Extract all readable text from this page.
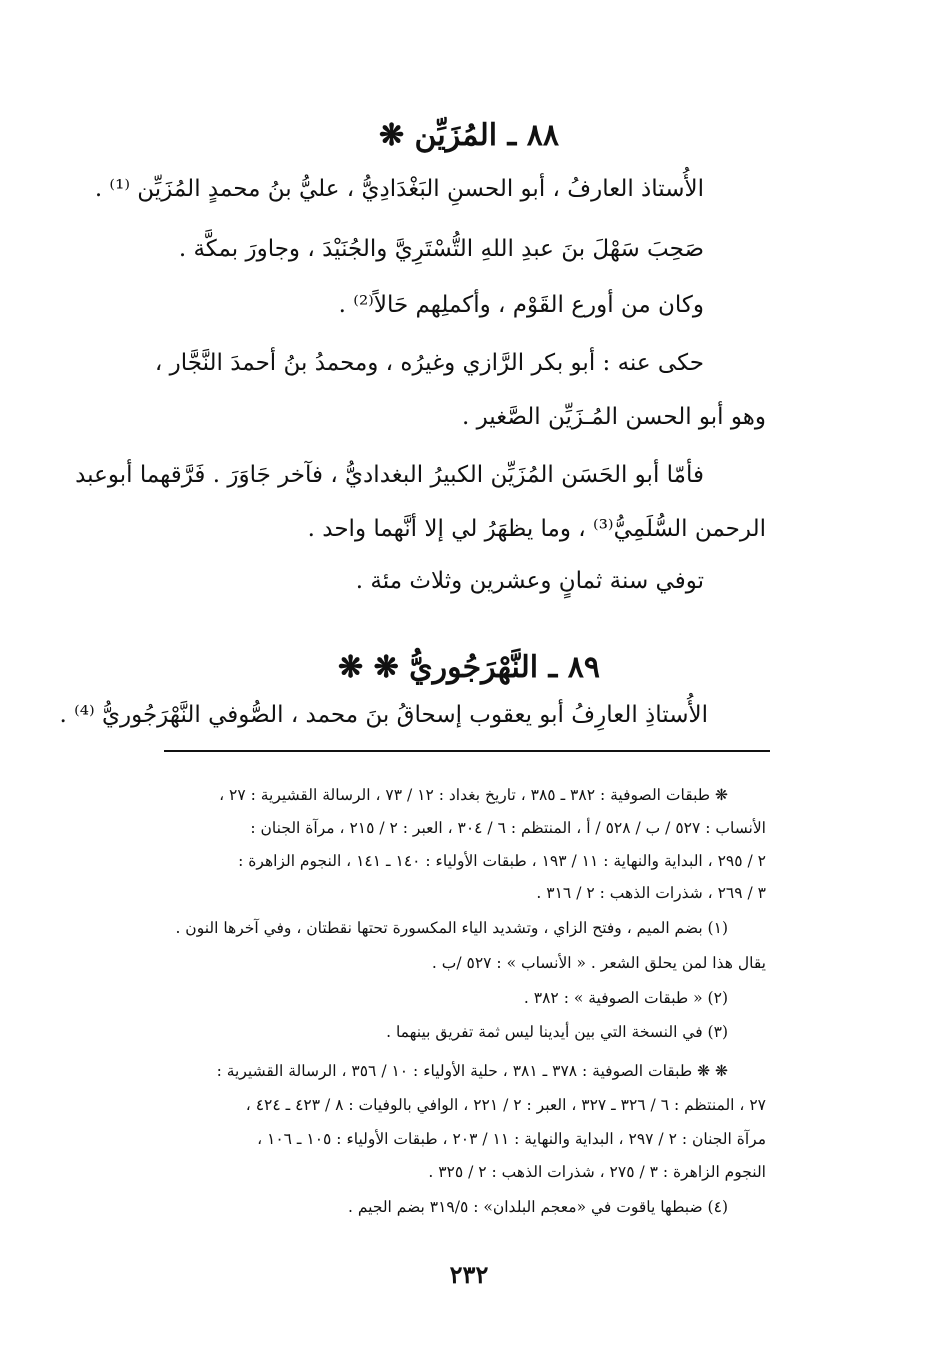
٨٨ ـ المُزَيِّن ❋
الأُستاذ العارفُ ، أبو الحسنِ البَغْدَادِيُّ ، عليُّ بنُ محمدٍ المُزَيِّن ⁽¹⁾ .
صَحِبَ سَهْلَ بنَ عبدِ اللهِ التُّسْتَرِيَّ والجُنَيْدَ ، وجاورَ بمكَّة .
وكان من أورع القَوْم ، وأكملِهم حَالاً⁽²⁾ .
حكى عنه : أبو بكر الرَّازي وغيرُه ، ومحمدُ بنُ أحمدَ النَّجَّار ،
وهو أبو الحسن المُـزَيِّن الصَّغير .
فأمّا أبو الحَسَن المُزَيِّن الكبيرُ البغداديُّ ، فآخر جَاوَرَ . فَرَّقهما أبوعبد
الرحمن السُّلَمِيُّ⁽³⁾ ، وما يظهَرُ لي إلا أنَّهما واحد .
توفي سنة ثمانٍ وعشرين وثلاث مئة .
٨٩ ـ النَّهْرَجُوريُّ ❋ ❋
الأُستاذِ العارِفُ أبو يعقوب إسحاقُ بنَ محمد ، الصُّوفي النَّهْرَجُوريُّ ⁽⁴⁾ .
❋ طبقات الصوفية : ٣٨٢ ـ ٣٨٥ ، تاريخ بغداد : ١٢ / ٧٣ ، الرسالة القشيرية : ٢٧ ،
الأنساب : ٥٢٧ / ب / ٥٢٨ / أ ، المنتظم : ٦ / ٣٠٤ ، العبر : ٢ / ٢١٥ ، مرآة الجنان :
٢ / ٢٩٥ ، البداية والنهاية : ١١ / ١٩٣ ، طبقات الأولياء : ١٤٠ ـ ١٤١ ، النجوم الزاهرة :
٣ / ٢٦٩ ، شذرات الذهب : ٢ / ٣١٦ .
(١) بضم الميم ، وفتح الزاي ، وتشديد الياء المكسورة تحتها نقطتان ، وفي آخرها النون .
يقال هذا لمن يحلق الشعر . « الأنساب » : ٥٢٧ /ب .
(٢) « طبقات الصوفية » : ٣٨٢ .
(٣) في النسخة التي بين أيدينا ليس ثمة تفريق بينهما .
❋ ❋ طبقات الصوفية : ٣٧٨ ـ ٣٨١ ، حلية الأولياء : ١٠ / ٣٥٦ ، الرسالة القشيرية :
٢٧ ، المنتظم : ٦ / ٣٢٦ ـ ٣٢٧ ، العبر : ٢ / ٢٢١ ، الوافي بالوفيات : ٨ / ٤٢٣ ـ ٤٢٤ ،
مرآة الجنان : ٢ / ٢٩٧ ، البداية والنهاية : ١١ / ٢٠٣ ، طبقات الأولياء : ١٠٥ ـ ١٠٦ ،
النجوم الزاهرة : ٣ / ٢٧٥ ، شذرات الذهب : ٢ / ٣٢٥ .
(٤) ضبطها ياقوت في «معجم البلدان» : ٣١٩/٥ بضم الجيم .
٢٣٢
